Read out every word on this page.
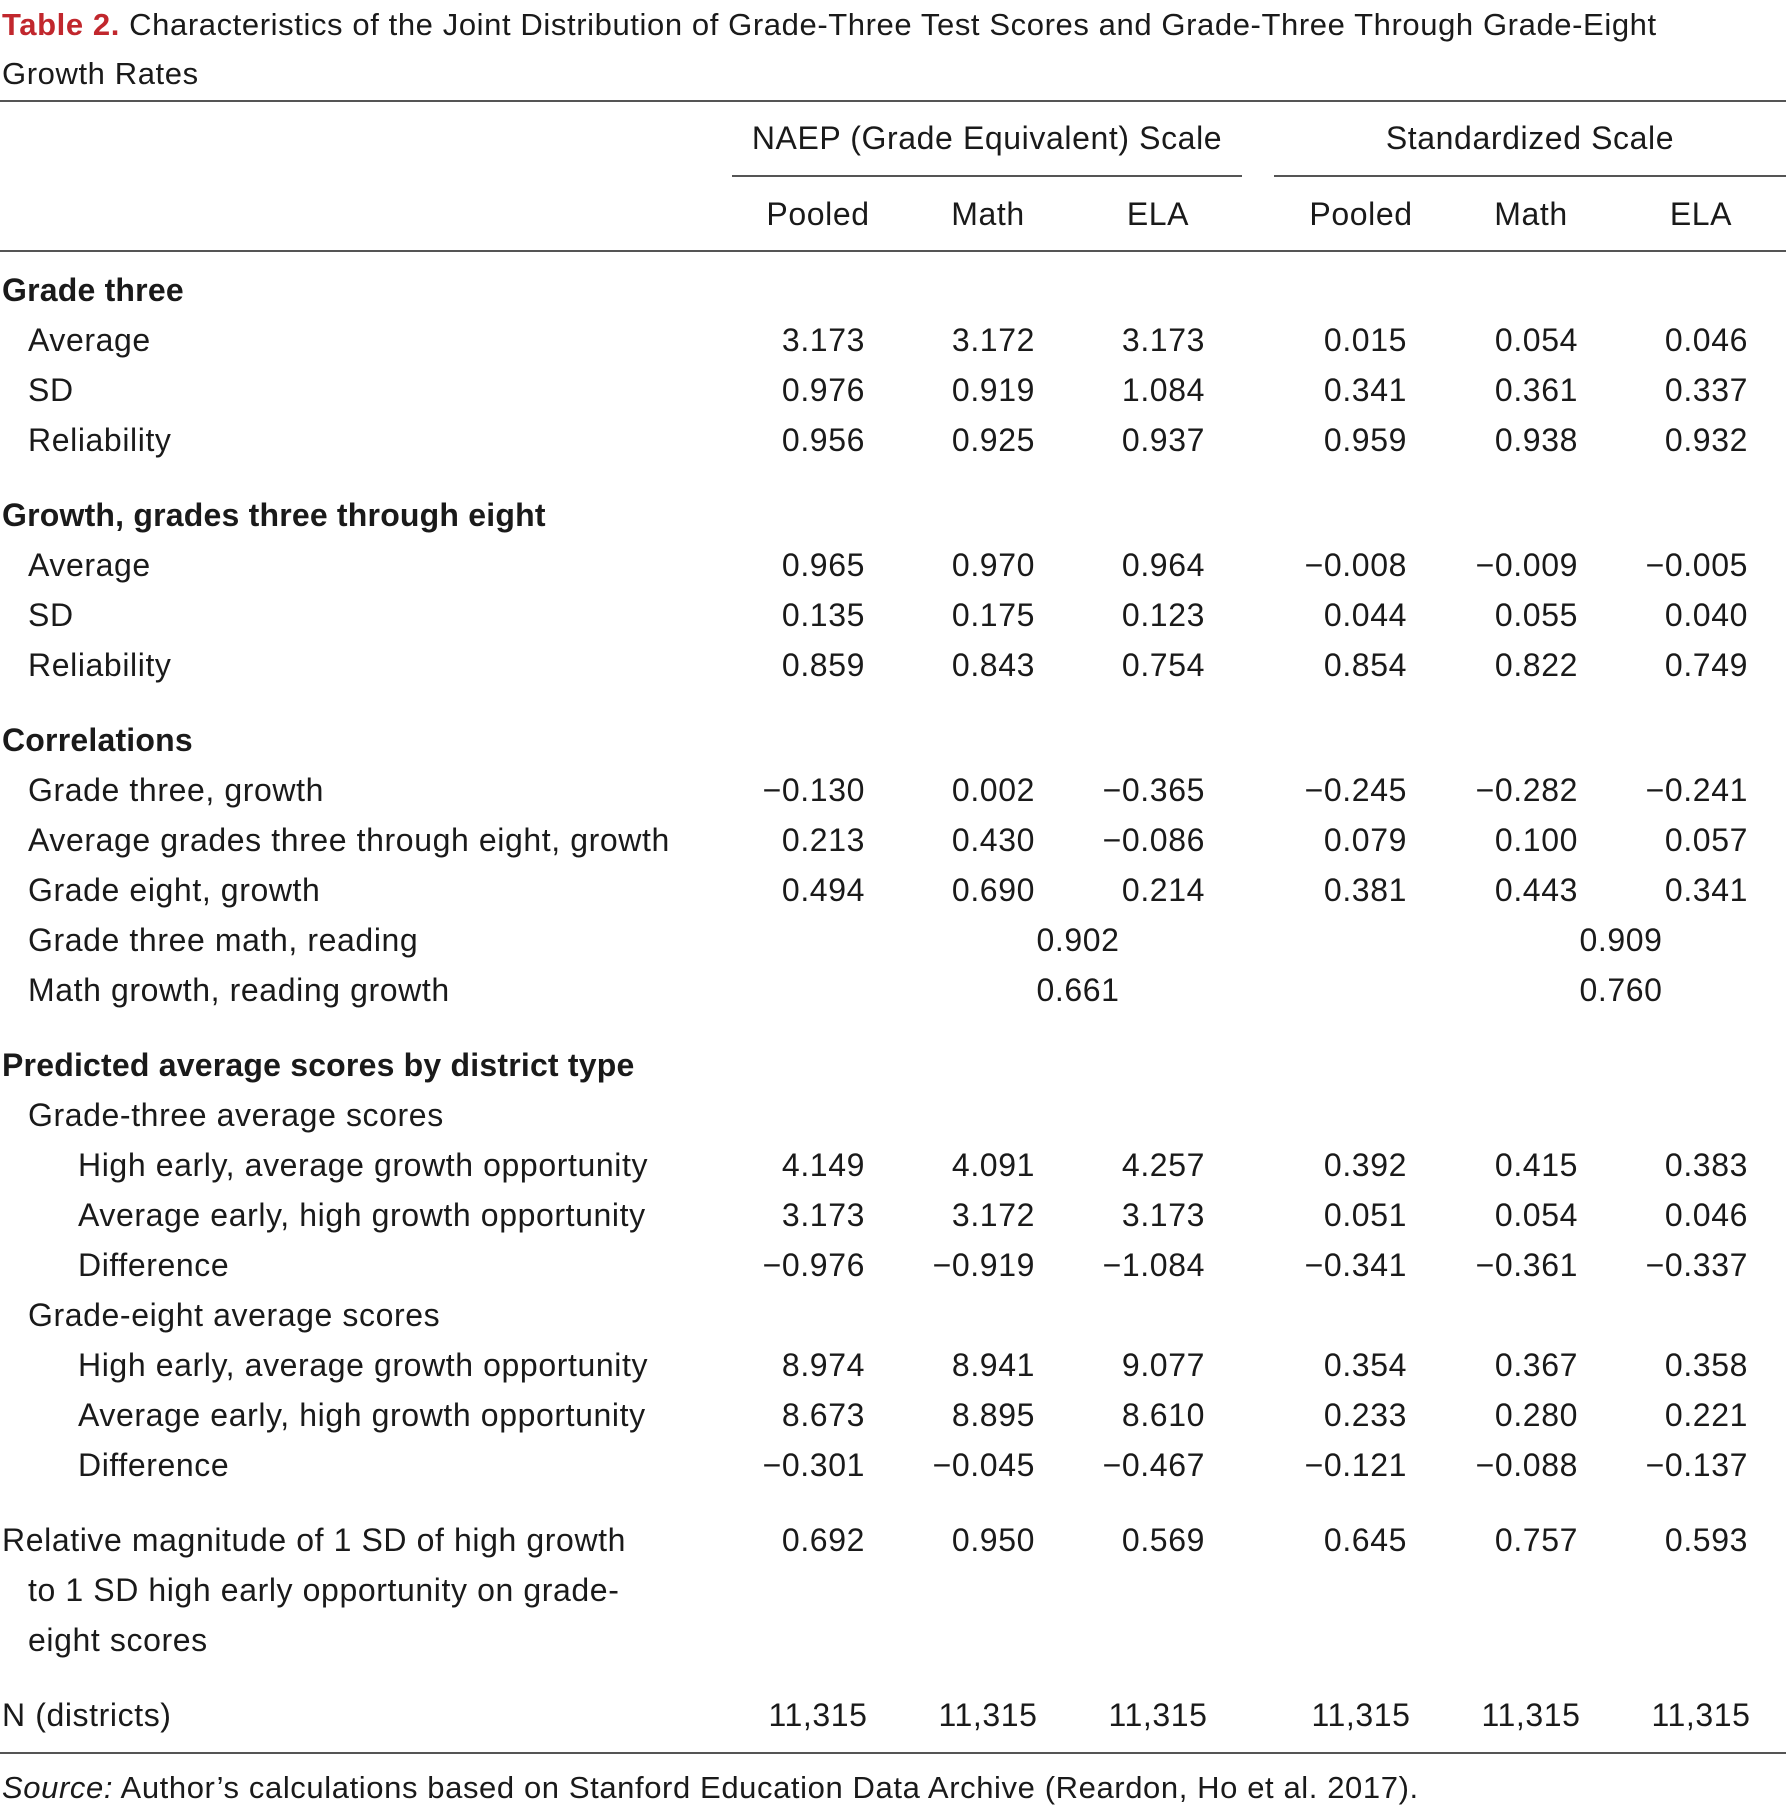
Table 2. Characteristics of the Joint Distribution of Grade-Three Test Scores and Grade-Three Through Grade-Eight Growth Rates
NAEP (Grade Equivalent) Scale	Standardized Scale
Pooled	Math	ELA	Pooled	Math	ELA
Grade three
Average	3.173	3.172	3.173	0.015	0.054	0.046
SD	0.976	0.919	1.084	0.341	0.361	0.337
Reliability	0.956	0.925	0.937	0.959	0.938	0.932
Growth, grades three through eight
Average	0.965	0.970	0.964	−0.008	−0.009	−0.005
SD	0.135	0.175	0.123	0.044	0.055	0.040
Reliability	0.859	0.843	0.754	0.854	0.822	0.749
Correlations
Grade three, growth	−0.130	0.002	−0.365	−0.245	−0.282	−0.241
Average grades three through eight, growth	0.213	0.430	−0.086	0.079	0.100	0.057
Grade eight, growth	0.494	0.690	0.214	0.381	0.443	0.341
Grade three math, reading	0.902	0.909
Math growth, reading growth	0.661	0.760
Predicted average scores by district type
Grade-three average scores
High early, average growth opportunity	4.149	4.091	4.257	0.392	0.415	0.383
Average early, high growth opportunity	3.173	3.172	3.173	0.051	0.054	0.046
Difference	−0.976	−0.919	−1.084	−0.341	−0.361	−0.337
Grade-eight average scores
High early, average growth opportunity	8.974	8.941	9.077	0.354	0.367	0.358
Average early, high growth opportunity	8.673	8.895	8.610	0.233	0.280	0.221
Difference	−0.301	−0.045	−0.467	−0.121	−0.088	−0.137
Relative magnitude of 1 SD of high growth
to 1 SD high early opportunity on grade-
eight scores
0.692	0.950	0.569	0.645	0.757	0.593
N (districts)	11,315	11,315	11,315	11,315	11,315	11,315
Source: Author’s calculations based on Stanford Education Data Archive (Reardon, Ho et al. 2017).
